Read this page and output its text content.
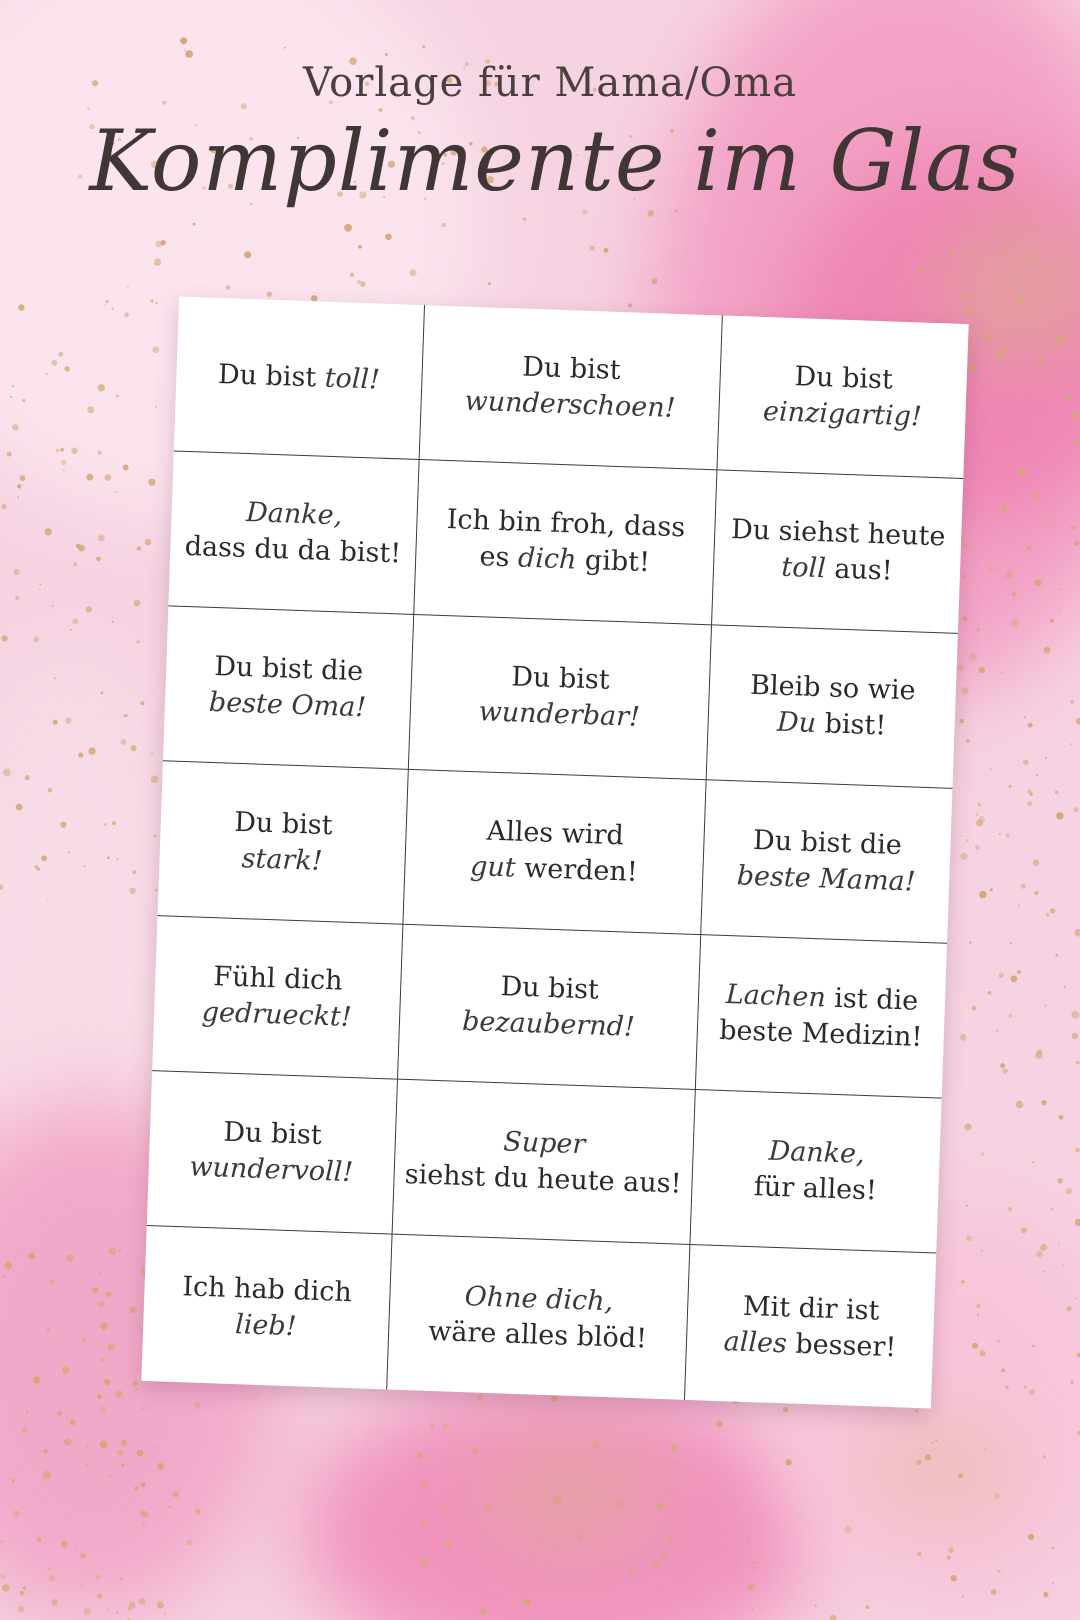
Vorlage für Mama/Oma
Komplimente im Glas
Du bist toll!	Du bist
wunderschoen!
Du bist
einzigartig!
Danke,
dass du da bist!
Ich bin froh, dass
es dich gibt!
Du siehst heute
toll aus!
Du bist die
beste Oma!
Du bist
wunderbar!
Bleib so wie
Du bist!
Du bist
stark!
Alles wird
gut werden!
Du bist die
beste Mama!
Fühl dich
gedrueckt!
Du bist
bezaubernd!
Lachen ist die
beste Medizin!
Du bist
wundervoll!
Super
siehst du heute aus!
Danke,
für alles!
Ich hab dich
lieb!
Ohne dich,
wäre alles blöd!
Mit dir ist
alles besser!
